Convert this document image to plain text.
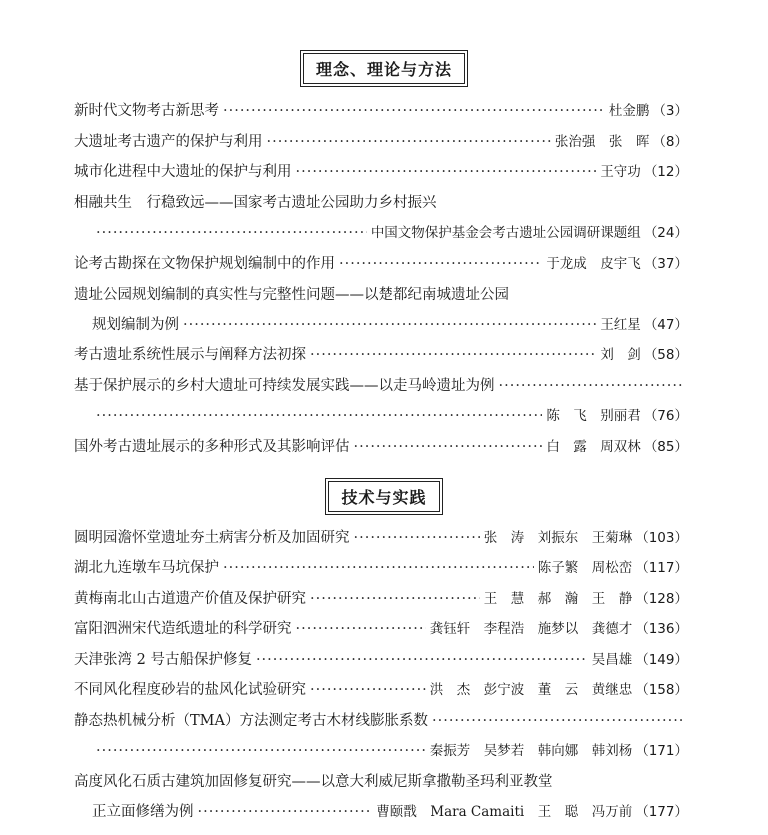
理念、理论与方法
新时代文物考古新思考 ·····	杜金鹏 （3）
大遗址考古遗产的保护与利用 ·····	张治强　张　晖 （8）
城市化进程中大遗址的保护与利用 ·····	王守功 （12）
相融共生　行稳致远——国家考古遗址公园助力乡村振兴
·····
中国文物保护基金会考古遗址公园调研课题组 （24）
论考古勘探在文物保护规划编制中的作用 ·····	于龙成　皮宇飞 （37）
遗址公园规划编制的真实性与完整性问题——以楚都纪南城遗址公园
规划编制为例 ·····	王红星 （47）
考古遗址系统性展示与阐释方法初探 ·····	刘　剑 （58）
基于保护展示的乡村大遗址可持续发展实践——以走马岭遗址为例
·····
·····
陈　飞　别丽君 （76）
国外考古遗址展示的多种形式及其影响评估 ·····	白　露　周双林 （85）
技术与实践
圆明园澹怀堂遗址夯土病害分析及加固研究 ·····	张　涛　刘振东　王菊琳 （103）
湖北九连墩车马坑保护 ·····	陈子繁　周松峦 （117）
黄梅南北山古道遗产价值及保护研究 ·····	王　慧　郝　瀚　王　静 （128）
富阳泗洲宋代造纸遗址的科学研究 ·····	龚钰轩　李程浩　施梦以　龚德才 （136）
天津张湾 2 号古船保护修复 ·····	吴昌雄 （149）
不同风化程度砂岩的盐风化试验研究 ·····	洪　杰　彭宁波　董　云　黄继忠 （158）
静态热机械分析（TMA）方法测定考古木材线膨胀系数
·····
·····
秦振芳　吴梦若　韩向娜　韩刘杨 （171）
高度风化石质古建筑加固修复研究——以意大利威尼斯拿撒勒圣玛利亚教堂
正立面修缮为例 ·····	曹颐戬　Mara Camaiti　王　聪　冯万前 （177）
